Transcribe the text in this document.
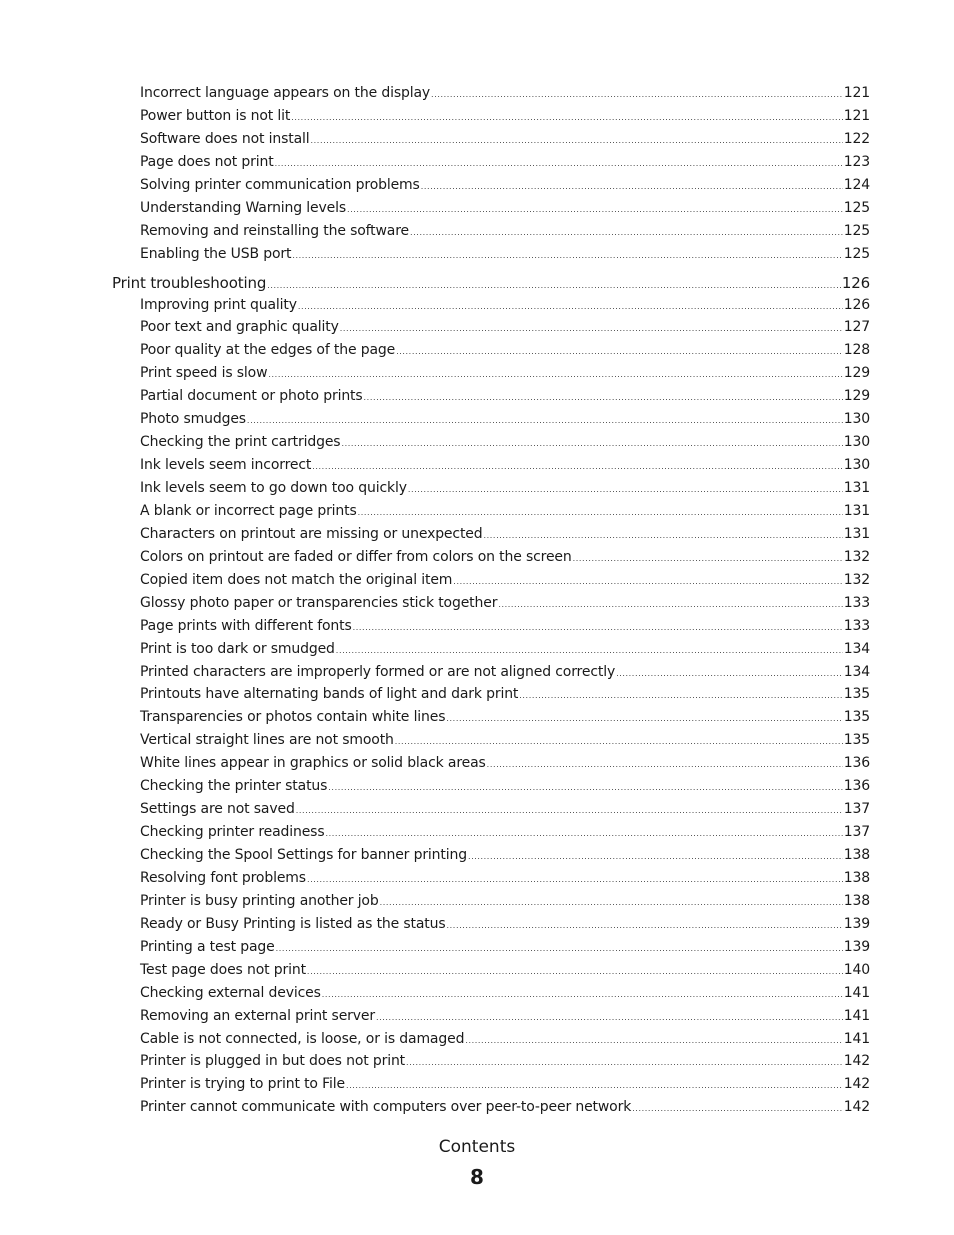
Incorrect language appears on the display .....	121
Power button is not lit .....	121
Software does not install .....	122
Page does not print .....	123
Solving printer communication problems .....	124
Understanding Warning levels .....	125
Removing and reinstalling the software .....	125
Enabling the USB port .....	125
Print troubleshooting .....	126
Improving print quality .....	126
Poor text and graphic quality .....	127
Poor quality at the edges of the page .....	128
Print speed is slow .....	129
Partial document or photo prints .....	129
Photo smudges .....	130
Checking the print cartridges .....	130
Ink levels seem incorrect .....	130
Ink levels seem to go down too quickly .....	131
A blank or incorrect page prints .....	131
Characters on printout are missing or unexpected .....	131
Colors on printout are faded or differ from colors on the screen .....	132
Copied item does not match the original item .....	132
Glossy photo paper or transparencies stick together .....	133
Page prints with different fonts .....	133
Print is too dark or smudged .....	134
Printed characters are improperly formed or are not aligned correctly .....	134
Printouts have alternating bands of light and dark print .....	135
Transparencies or photos contain white lines .....	135
Vertical straight lines are not smooth .....	135
White lines appear in graphics or solid black areas .....	136
Checking the printer status .....	136
Settings are not saved .....	137
Checking printer readiness .....	137
Checking the Spool Settings for banner printing .....	138
Resolving font problems .....	138
Printer is busy printing another job .....	138
Ready or Busy Printing is listed as the status .....	139
Printing a test page .....	139
Test page does not print .....	140
Checking external devices .....	141
Removing an external print server .....	141
Cable is not connected, is loose, or is damaged .....	141
Printer is plugged in but does not print .....	142
Printer is trying to print to File .....	142
Printer cannot communicate with computers over peer-to-peer network .....	142
Contents
8
